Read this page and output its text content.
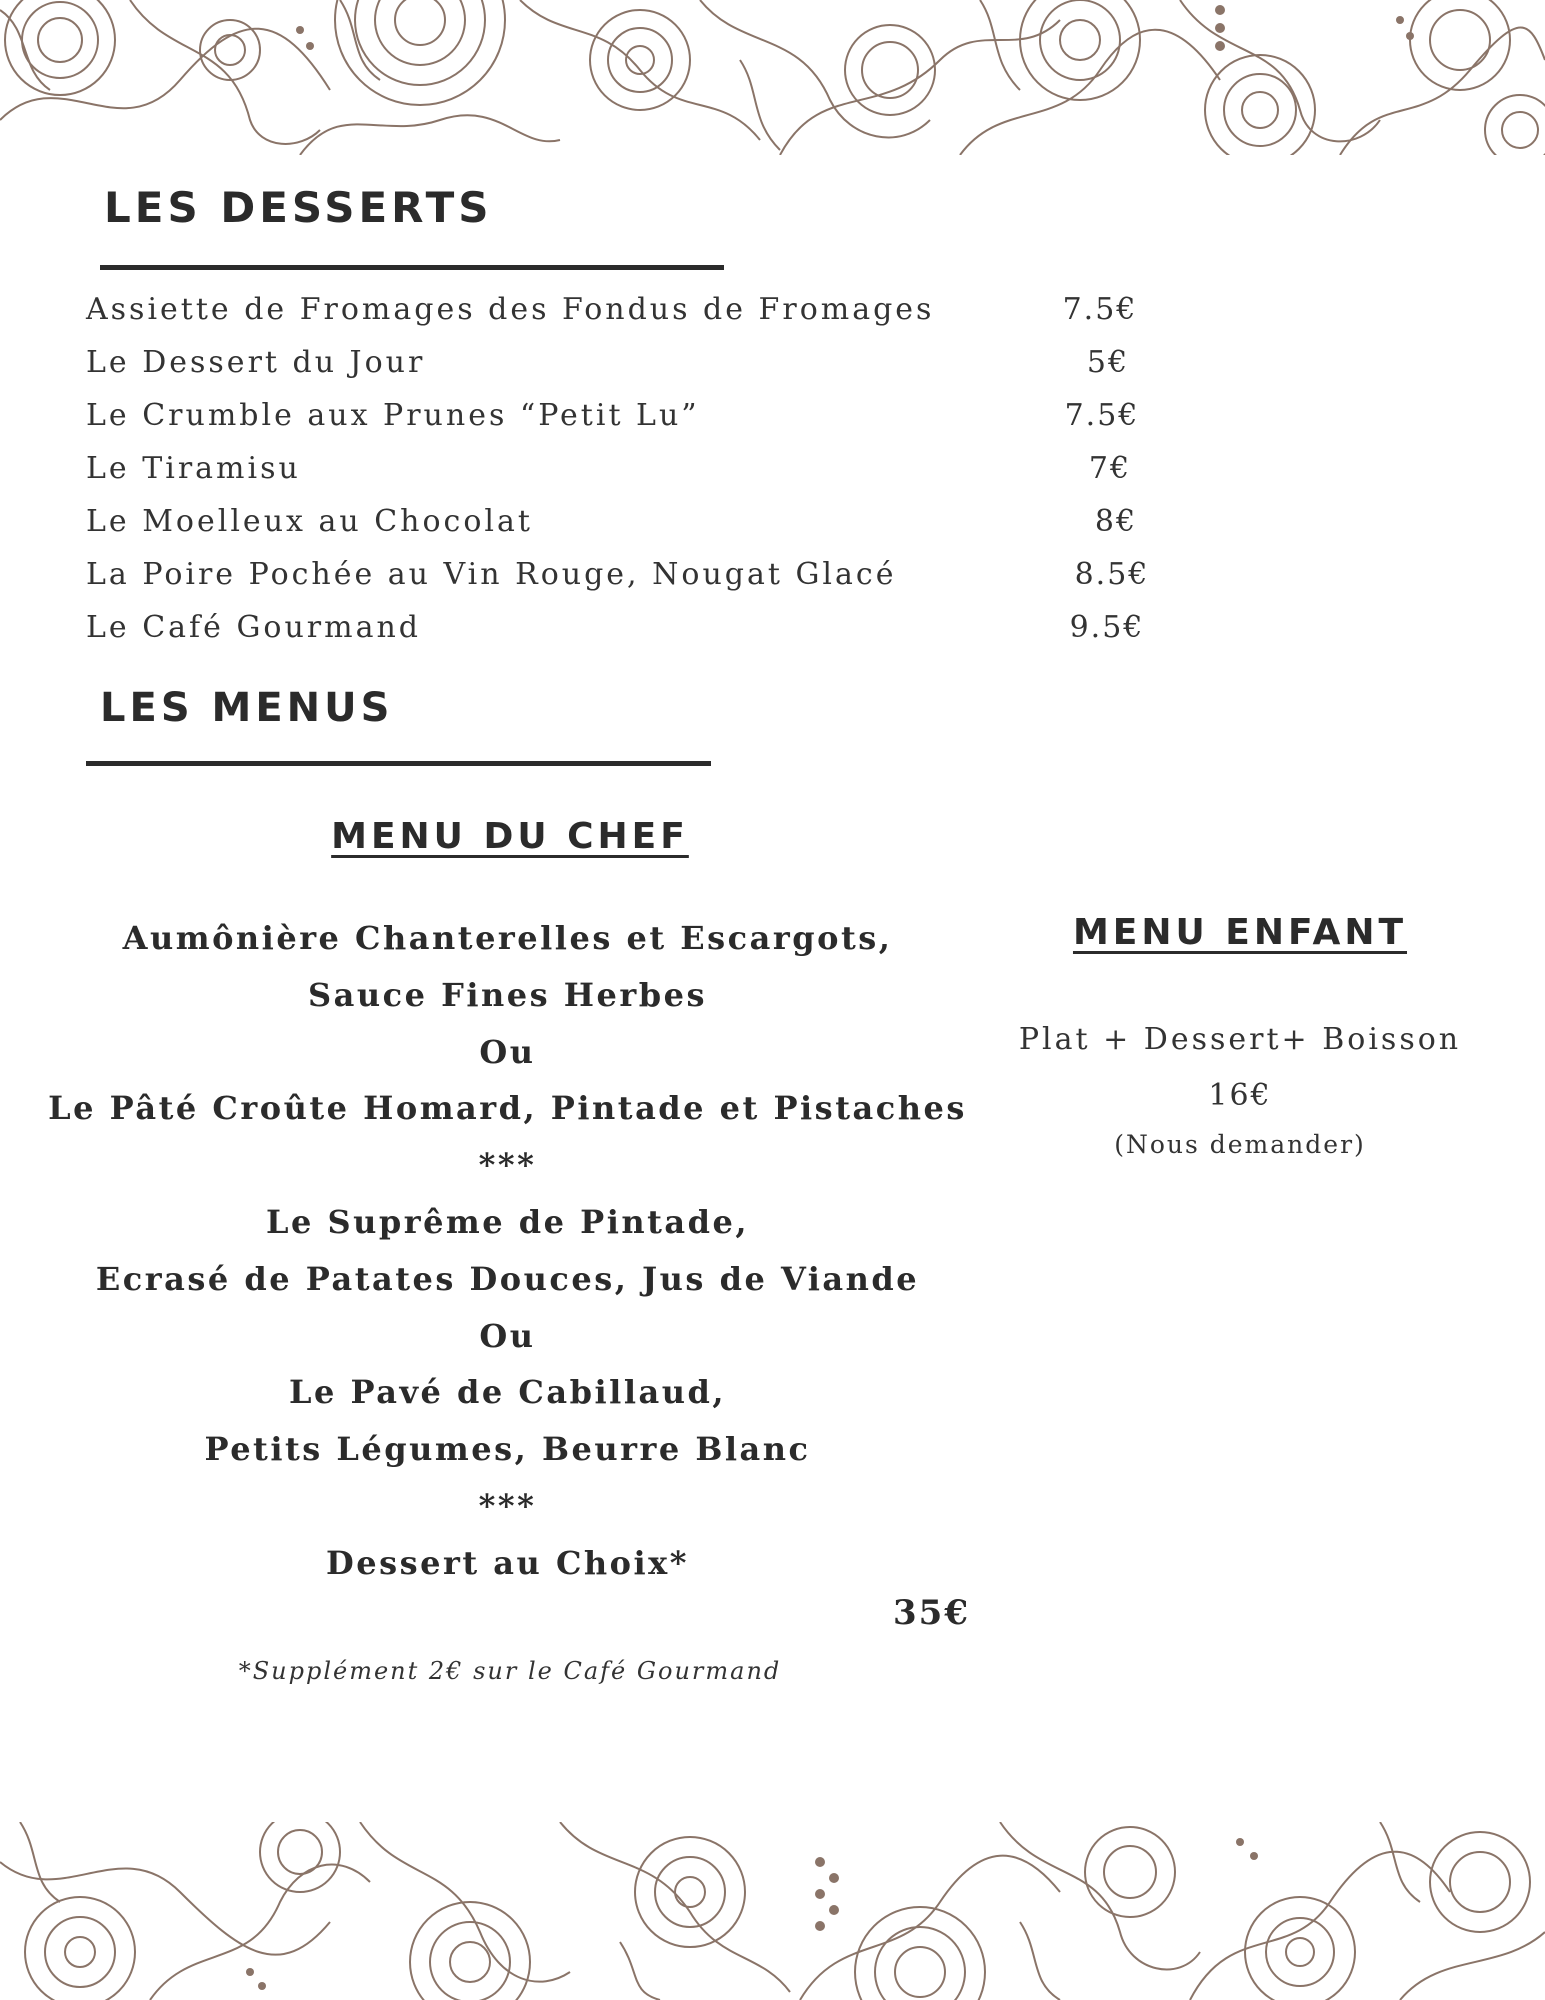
LES DESSERTS
Assiette de Fromages des Fondus de Fromages	7.5€
Le Dessert du Jour	5€
Le Crumble aux Prunes “Petit Lu”	7.5€
Le Tiramisu	7€
Le Moelleux au Chocolat	8€
La Poire Pochée au Vin Rouge, Nougat Glacé	8.5€
Le Café Gourmand	9.5€
LES MENUS
MENU DU CHEF
Aumônière Chanterelles et Escargots,
Sauce Fines Herbes
Ou
Le Pâté Croûte Homard, Pintade et Pistaches
***
Le Suprême de Pintade,
Ecrasé de Patates Douces, Jus de Viande
Ou
Le Pavé de Cabillaud,
Petits Légumes, Beurre Blanc
***
Dessert au Choix*
35€
*Supplément 2€ sur le Café Gourmand
MENU ENFANT
Plat + Dessert+ Boisson
16€
(Nous demander)
